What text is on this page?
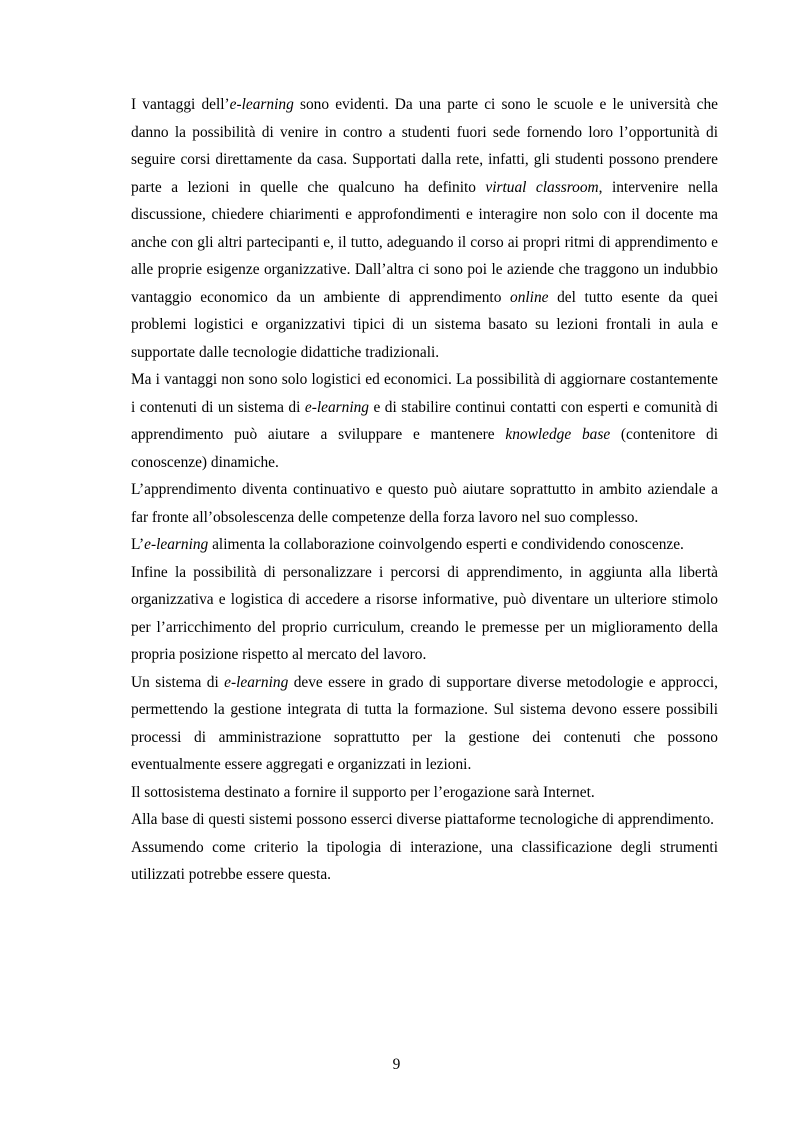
I vantaggi dell’e-learning sono evidenti. Da una parte ci sono le scuole e le università che danno la possibilità di venire in contro a studenti fuori sede fornendo loro l’opportunità di seguire corsi direttamente da casa. Supportati dalla rete, infatti, gli studenti possono prendere parte a lezioni in quelle che qualcuno ha definito virtual classroom, intervenire nella discussione, chiedere chiarimenti e approfondimenti e interagire non solo con il docente ma anche con gli altri partecipanti e, il tutto, adeguando il corso ai propri ritmi di apprendimento e alle proprie esigenze organizzative. Dall’altra ci sono poi le aziende che traggono un indubbio vantaggio economico da un ambiente di apprendimento online del tutto esente da quei problemi logistici e organizzativi tipici di un sistema basato su lezioni frontali in aula e supportate dalle tecnologie didattiche tradizionali.

Ma i vantaggi non sono solo logistici ed economici. La possibilità di aggiornare costantemente i contenuti di un sistema di e-learning e di stabilire continui contatti con esperti e comunità di apprendimento può aiutare a sviluppare e mantenere knowledge base (contenitore di conoscenze) dinamiche.

L’apprendimento diventa continuativo e questo può aiutare soprattutto in ambito aziendale a far fronte all’obsolescenza delle competenze della forza lavoro nel suo complesso.

L’e-learning alimenta la collaborazione coinvolgendo esperti e condividendo conoscenze.

Infine la possibilità di personalizzare i percorsi di apprendimento, in aggiunta alla libertà organizzativa e logistica di accedere a risorse informative, può diventare un ulteriore stimolo per l’arricchimento del proprio curriculum, creando le premesse per un miglioramento della propria posizione rispetto al mercato del lavoro.

Un sistema di e-learning deve essere in grado di supportare diverse metodologie e approcci, permettendo la gestione integrata di tutta la formazione. Sul sistema devono essere possibili processi di amministrazione soprattutto per la gestione dei contenuti che possono eventualmente essere aggregati e organizzati in lezioni.

Il sottosistema destinato a fornire il supporto per l’erogazione sarà Internet.

Alla base di questi sistemi possono esserci diverse piattaforme tecnologiche di apprendimento.

Assumendo come criterio la tipologia di interazione, una classificazione degli strumenti utilizzati potrebbe essere questa.

9
